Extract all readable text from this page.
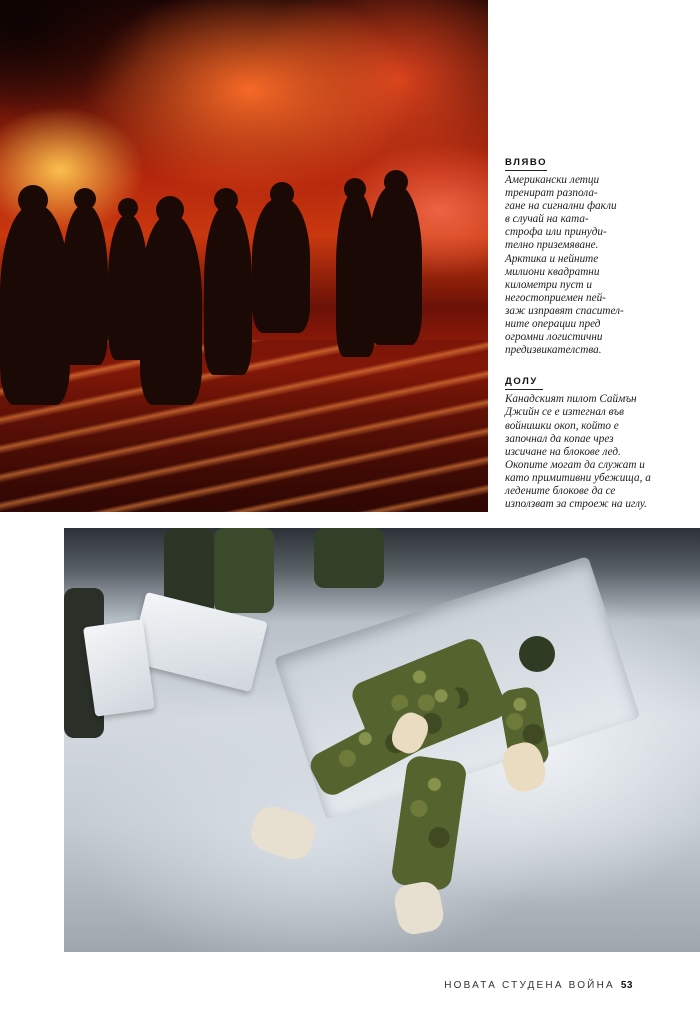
ВЛЯВО

Американски летци
тренират разпола-
гане на сигнални факли
в случай на ката-
строфа или принуди-
телно приземяване.
Арктика и нейните
милиони квадратни
километри пуст и
негостоприемен пей-
заж изправят спасител-
ните операции пред
огромни логистични
предизвикателства.

ДОЛУ

Канадският пилот Саймън Джийн се е изтегнал във войнишки окоп, който е започнал да копае чрез изсичане на блокове лед. Окопите могат да служат и като примитивни убежища, а ледените блокове да се използват за строеж на иглу.

НОВАТА СТУДЕНА ВОЙНА 53
